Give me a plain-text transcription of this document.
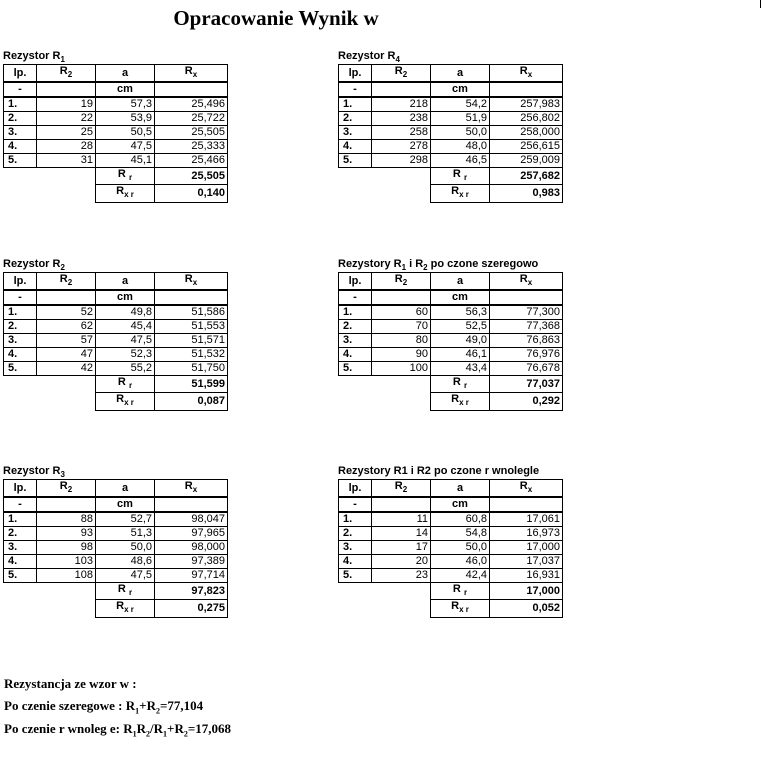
Opracowanie Wynik w
Rezystor $R_1$
lp.	$R_2$	a	$R_x$
-		cm	
1.	19	57,3	25,496
2.	22	53,9	25,722
3.	25	50,5	25,505
4.	28	47,5	25,333
5.	31	45,1	25,466
		R $_r$	25,505
		$R_{x r}$	0,140
Rezystor $R_4$
lp.	$R_2$	a	$R_x$
-		cm	
1.	218	54,2	257,983
2.	238	51,9	256,802
3.	258	50,0	258,000
4.	278	48,0	256,615
5.	298	46,5	259,009
		R $_r$	257,682
		$R_{x r}$	0,983
Rezystor $R_2$
lp.	$R_2$	a	$R_x$
-		cm	
1.	52	49,8	51,586
2.	62	45,4	51,553
3.	57	47,5	51,571
4.	47	52,3	51,532
5.	42	55,2	51,750
		R $_r$	51,599
		$R_{x r}$	0,087
Rezystory $R_1$ i $R_2$ po czone szeregowo
lp.	$R_2$	a	$R_x$
-		cm	
1.	60	56,3	77,300
2.	70	52,5	77,368
3.	80	49,0	76,863
4.	90	46,1	76,976
5.	100	43,4	76,678
		R $_r$	77,037
		$R_{x r}$	0,292
Rezystor $R_3$
lp.	$R_2$	a	$R_x$
-		cm	
1.	88	52,7	98,047
2.	93	51,3	97,965
3.	98	50,0	98,000
4.	103	48,6	97,389
5.	108	47,5	97,714
		R $_r$	97,823
		$R_{x r}$	0,275
Rezystory R1 i R2 po czone r wnolegle
lp.	$R_2$	a	$R_x$
-		cm	
1.	11	60,8	17,061
2.	14	54,8	16,973
3.	17	50,0	17,000
4.	20	46,0	17,037
5.	23	42,4	16,931
		R $_r$	17,000
		$R_{x r}$	0,052
Rezystancja ze wzor w :
Po czenie szeregowe : $R_1+R_2=77,104$
Po czenie r wnoleg e: $R_1R_2/R_1+R_2=17,068$
